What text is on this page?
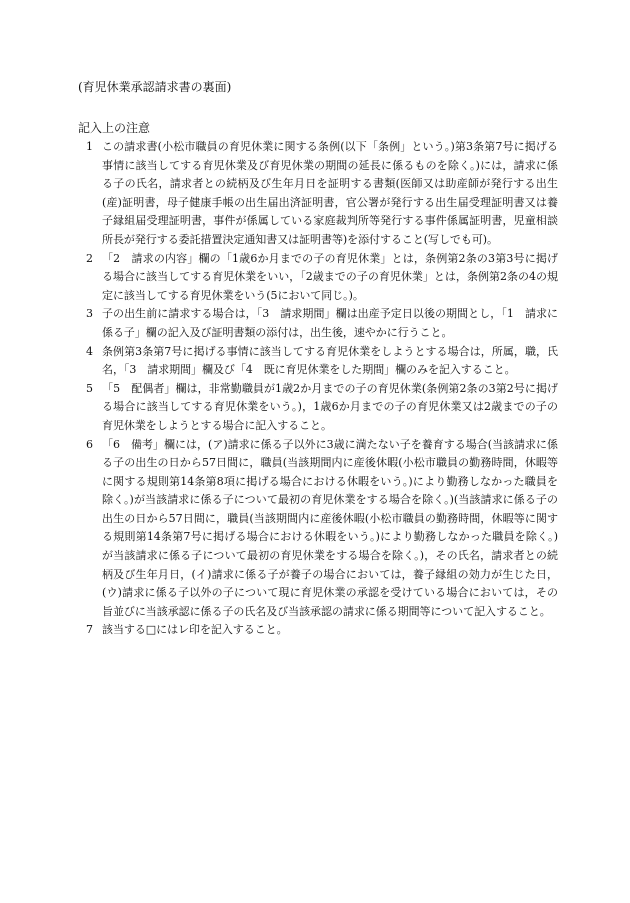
(育児休業承認請求書の裏面)
記入上の注意
1 この請求書(小松市職員の育児休業に関する条例(以下「条例」という。)第3条第7号に掲げる事情に該当してする育児休業及び育児休業の期間の延長に係るものを除く。)には，請求に係る子の氏名，請求者との続柄及び生年月日を証明する書類(医師又は助産師が発行する出生(産)証明書，母子健康手帳の出生届出済証明書，官公署が発行する出生届受理証明書又は養子縁組届受理証明書，事件が係属している家庭裁判所等発行する事件係属証明書，児童相談所長が発行する委託措置決定通知書又は証明書等)を添付すること(写しでも可)。
2 「2　請求の内容」欄の「1歳6か月までの子の育児休業」とは，条例第2条の3第3号に掲げる場合に該当してする育児休業をいい，「2歳までの子の育児休業」とは，条例第2条の4の規定に該当してする育児休業をいう(5において同じ。)。
3 子の出生前に請求する場合は，「3　請求期間」欄は出産予定日以後の期間とし，「1　請求に係る子」欄の記入及び証明書類の添付は，出生後，速やかに行うこと。
4 条例第3条第7号に掲げる事情に該当してする育児休業をしようとする場合は，所属，職，氏名，「3　請求期間」欄及び「4　既に育児休業をした期間」欄のみを記入すること。
5 「5　配偶者」欄は，非常勤職員が1歳2か月までの子の育児休業(条例第2条の3第2号に掲げる場合に該当してする育児休業をいう。)，1歳6か月までの子の育児休業又は2歳までの子の育児休業をしようとする場合に記入すること。
6 「6　備考」欄には，(ア)請求に係る子以外に3歳に満たない子を養育する場合(当該請求に係る子の出生の日から57日間に，職員(当該期間内に産後休暇(小松市職員の勤務時間，休暇等に関する規則第14条第8項に掲げる場合における休暇をいう。)により勤務しなかった職員を除く。)が当該請求に係る子について最初の育児休業をする場合を除く。)(当該請求に係る子の出生の日から57日間に，職員(当該期間内に産後休暇(小松市職員の勤務時間，休暇等に関する規則第14条第7号に掲げる場合における休暇をいう。)により勤務しなかった職員を除く。)が当該請求に係る子について最初の育児休業をする場合を除く。)，その氏名，請求者との続柄及び生年月日，(イ)請求に係る子が養子の場合においては，養子縁組の効力が生じた日，(ウ)請求に係る子以外の子について現に育児休業の承認を受けている場合においては，その旨並びに当該承認に係る子の氏名及び当該承認の請求に係る期間等について記入すること。
7 該当する□にはレ印を記入すること。
